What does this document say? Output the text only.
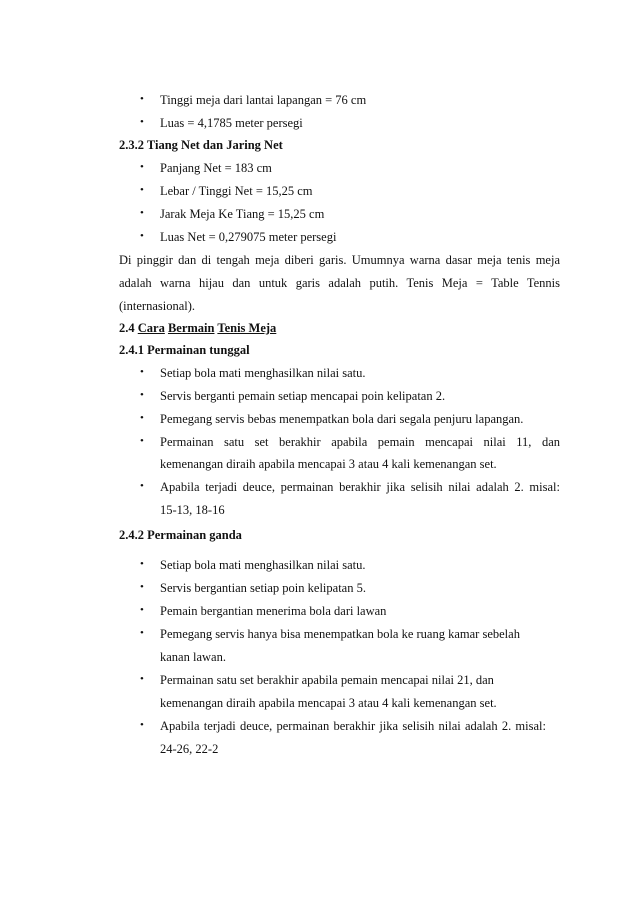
• Tinggi meja dari lantai lapangan = 76 cm
• Luas = 4,1785 meter persegi
2.3.2 Tiang Net dan Jaring Net
• Panjang Net = 183 cm
• Lebar / Tinggi Net = 15,25 cm
• Jarak Meja Ke Tiang = 15,25 cm
• Luas Net = 0,279075 meter persegi
Di pinggir dan di tengah meja diberi garis. Umumnya warna dasar meja tenis meja
adalah warna hijau dan untuk garis adalah putih. Tenis Meja = Table Tennis
(internasional).
2.4 Cara Bermain Tenis Meja
2.4.1 Permainan tunggal
• Setiap bola mati menghasilkan nilai satu.
• Servis berganti pemain setiap mencapai poin kelipatan 2.
• Pemegang servis bebas menempatkan bola dari segala penjuru lapangan.
• Permainan satu set berakhir apabila pemain mencapai nilai 11, dan
kemenangan diraih apabila mencapai 3 atau 4 kali kemenangan set.
• Apabila terjadi deuce, permainan berakhir jika selisih nilai adalah 2. misal:
15-13, 18-16
2.4.2 Permainan ganda
• Setiap bola mati menghasilkan nilai satu.
• Servis bergantian setiap poin kelipatan 5.
• Pemain bergantian menerima bola dari lawan
• Pemegang servis hanya bisa menempatkan bola ke ruang kamar sebelah
kanan lawan.
• Permainan satu set berakhir apabila pemain mencapai nilai 21, dan
kemenangan diraih apabila mencapai 3 atau 4 kali kemenangan set.
• Apabila terjadi deuce, permainan berakhir jika selisih nilai adalah 2. misal:
24-26, 22-2
